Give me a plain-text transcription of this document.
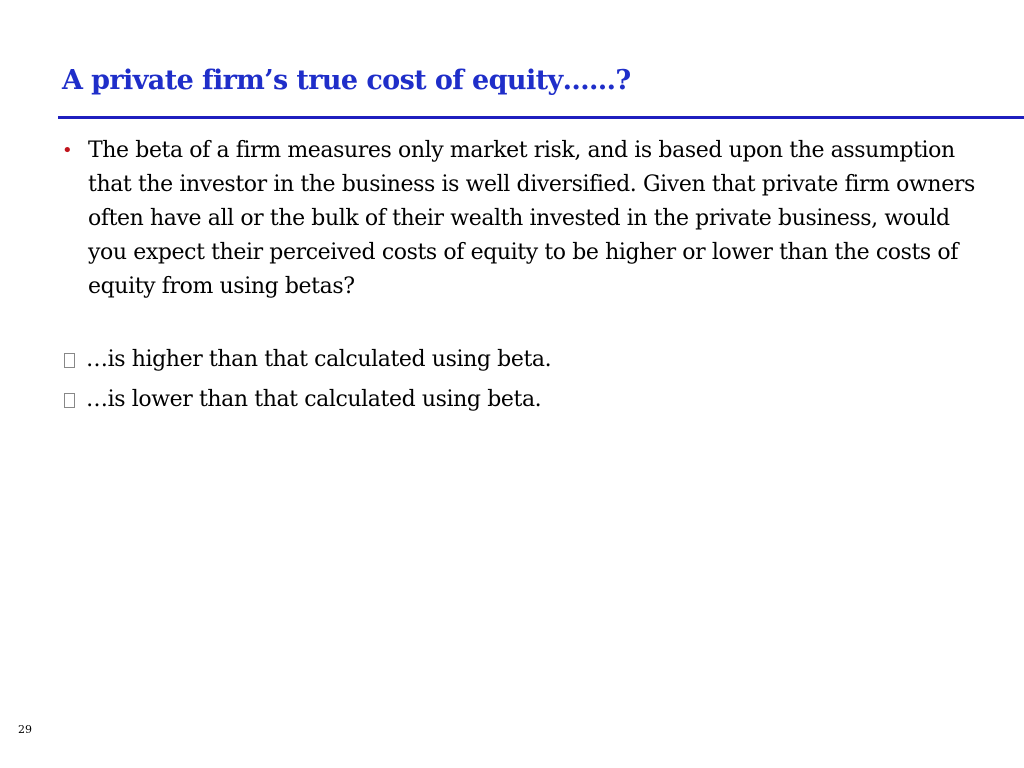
A private firm’s true cost of equity……?
• The beta of a firm measures only market risk, and is based upon the assumption that the investor in the business is well diversified. Given that private firm owners often have all or the bulk of their wealth invested in the private business, would you expect their perceived costs of equity to be higher or lower than the costs of equity from using betas?
…is higher than that calculated using beta.
…is lower than that calculated using beta.
29
